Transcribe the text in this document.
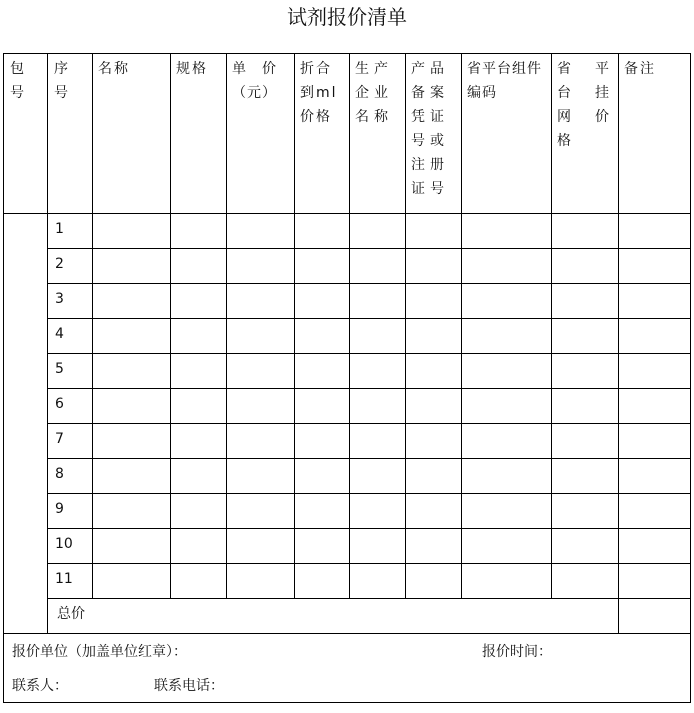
试剂报价清单
包号	序号	名称	规格	单　价（元）	折合到ml价格	生产企业名称	产品备案凭证号或注册证号	省平台组件编码	省　平台　挂网　价格	备注

	1									

	2									

	3									

	4									

	5									

	6									

	7									

	8									

	9									

	10									

	11									

	总价									

报价单位（加盖单位红章）： 报价时间：										

联系人： 联系电话：										
